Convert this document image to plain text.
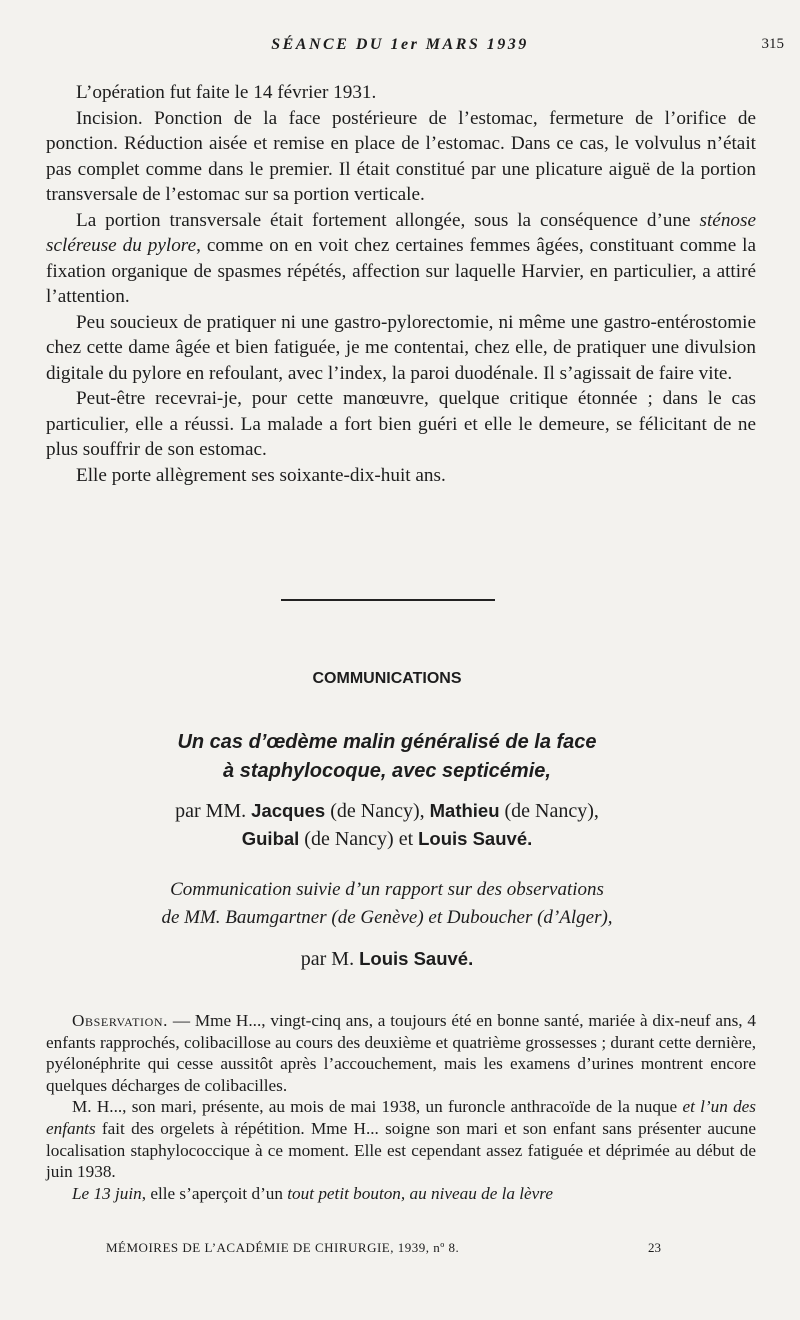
SÉANCE DU 1er MARS 1939	315

L’opération fut faite le 14 février 1931.

Incision. Ponction de la face postérieure de l’estomac, fermeture de l’orifice de ponction. Réduction aisée et remise en place de l’estomac. Dans ce cas, le volvulus n’était pas complet comme dans le premier. Il était constitué par une plicature aiguë de la portion transversale de l’estomac sur sa portion verticale.

La portion transversale était fortement allongée, sous la conséquence d’une sténose scléreuse du pylore, comme on en voit chez certaines femmes âgées, constituant comme la fixation organique de spasmes répétés, affection sur laquelle Harvier, en particulier, a attiré l’attention.

Peu soucieux de pratiquer ni une gastro-pylorectomie, ni même une gastro-entérostomie chez cette dame âgée et bien fatiguée, je me contentai, chez elle, de pratiquer une divulsion digitale du pylore en refoulant, avec l’index, la paroi duodénale. Il s’agissait de faire vite.

Peut-être recevrai-je, pour cette manœuvre, quelque critique étonnée ; dans le cas particulier, elle a réussi. La malade a fort bien guéri et elle le demeure, se félicitant de ne plus souffrir de son estomac.

Elle porte allègrement ses soixante-dix-huit ans.

COMMUNICATIONS
Un cas d’œdème malin généralisé de la face
à staphylocoque, avec septicémie,
par MM. Jacques (de Nancy), Mathieu (de Nancy),
Guibal (de Nancy) et Louis Sauvé.
Communication suivie d’un rapport sur des observations
de MM. Baumgartner (de Genève) et Duboucher (d’Alger),
par M. Louis Sauvé.

Observation. — Mme H..., vingt-cinq ans, a toujours été en bonne santé, mariée à dix-neuf ans, 4 enfants rapprochés, colibacillose au cours des deuxième et quatrième grossesses ; durant cette dernière, pyélonéphrite qui cesse aussitôt après l’accouchement, mais les examens d’urines montrent encore quelques décharges de colibacilles.

M. H..., son mari, présente, au mois de mai 1938, un furoncle anthracoïde de la nuque et l’un des enfants fait des orgelets à répétition. Mme H... soigne son mari et son enfant sans présenter aucune localisation staphylococcique à ce moment. Elle est cependant assez fatiguée et déprimée au début de juin 1938.

Le 13 juin, elle s’aperçoit d’un tout petit bouton, au niveau de la lèvre

MÉMOIRES DE L’ACADÉMIE DE CHIRURGIE, 1939, nº 8.	23
